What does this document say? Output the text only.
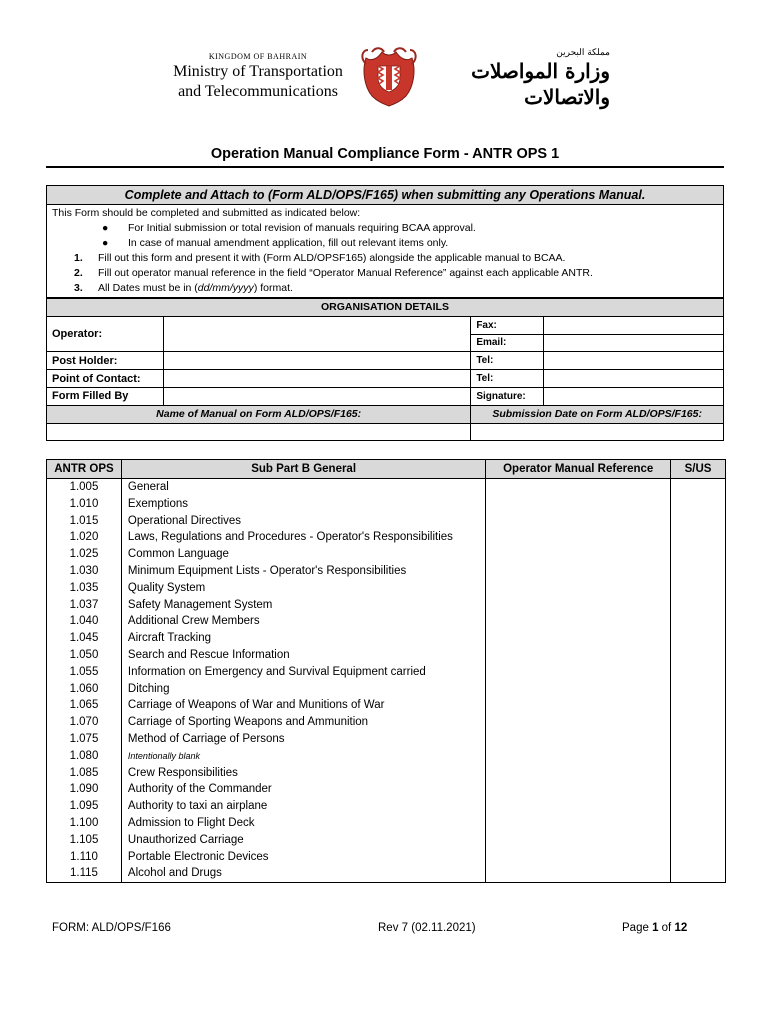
KINGDOM OF BAHRAIN
Ministry of Transportation
and Telecommunications
مملكة البحرين
وزارة المواصلات والاتصالات
Operation Manual Compliance Form - ANTR OPS 1
Complete and Attach to (Form ALD/OPS/F165) when submitting any Operations Manual.
This Form should be completed and submitted as indicated below:
● For Initial submission or total revision of manuals requiring BCAA approval.
● In case of manual amendment application, fill out relevant items only.
1. Fill out this form and present it with (Form ALD/OPSF165) alongside the applicable manual to BCAA.
2. Fill out operator manual reference in the field “Operator Manual Reference” against each applicable ANTR.
3. All Dates must be in (dd/mm/yyyy) format.
ORGANISATION DETAILS			
Operator:		Fax:	
		Email:	
Post Holder:		Tel:	
Point of Contact:		Tel:	
Form Filled By		Signature:	
Name of Manual on Form ALD/OPS/F165:		Submission Date on Form ALD/OPS/F165:	

ANTR OPS	Sub Part B General	Operator Manual Reference	S/US
1.005	General		
1.010	Exemptions		
1.015	Operational Directives		
1.020	Laws, Regulations and Procedures - Operator's Responsibilities		
1.025	Common Language		
1.030	Minimum Equipment Lists - Operator's Responsibilities		
1.035	Quality System		
1.037	Safety Management System		
1.040	Additional Crew Members		
1.045	Aircraft Tracking		
1.050	Search and Rescue Information		
1.055	Information on Emergency and Survival Equipment carried		
1.060	Ditching		
1.065	Carriage of Weapons of War and Munitions of War		
1.070	Carriage of Sporting Weapons and Ammunition		
1.075	Method of Carriage of Persons		
1.080	Intentionally blank		
1.085	Crew Responsibilities		
1.090	Authority of the Commander		
1.095	Authority to taxi an airplane		
1.100	Admission to Flight Deck		
1.105	Unauthorized Carriage		
1.110	Portable Electronic Devices		
1.115	Alcohol and Drugs		
FORM: ALD/OPS/F166	Rev 7 (02.11.2021)	Page 1 of 12
